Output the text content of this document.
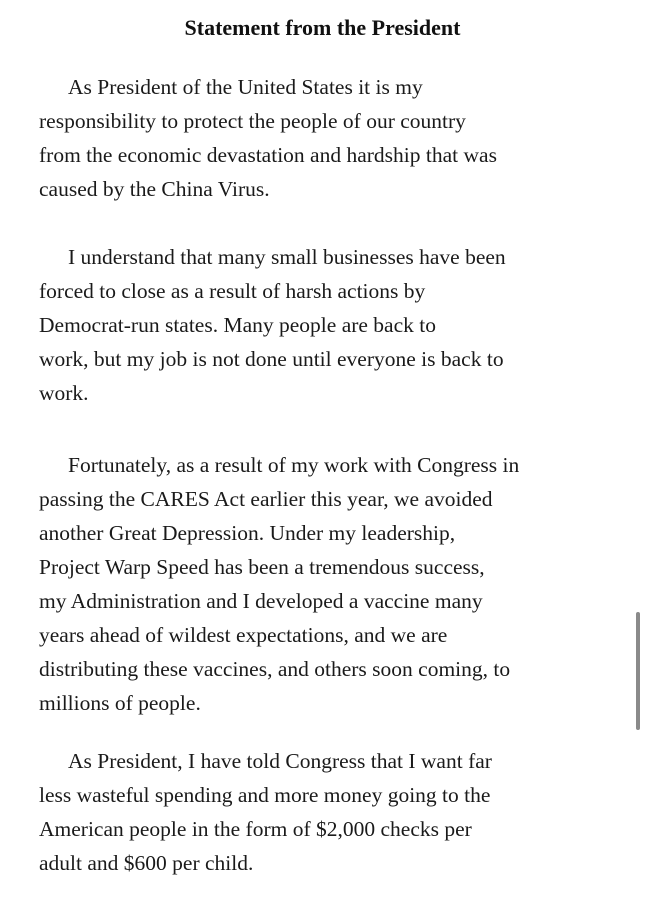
Statement from the President

As President of the United States it is my
responsibility to protect the people of our country
from the economic devastation and hardship that was
caused by the China Virus.

I understand that many small businesses have been
forced to close as a result of harsh actions by
Democrat-run states. Many people are back to
work, but my job is not done until everyone is back to
work.

Fortunately, as a result of my work with Congress in
passing the CARES Act earlier this year, we avoided
another Great Depression. Under my leadership,
Project Warp Speed has been a tremendous success,
my Administration and I developed a vaccine many
years ahead of wildest expectations, and we are
distributing these vaccines, and others soon coming, to
millions of people.

As President, I have told Congress that I want far
less wasteful spending and more money going to the
American people in the form of $2,000 checks per
adult and $600 per child.
